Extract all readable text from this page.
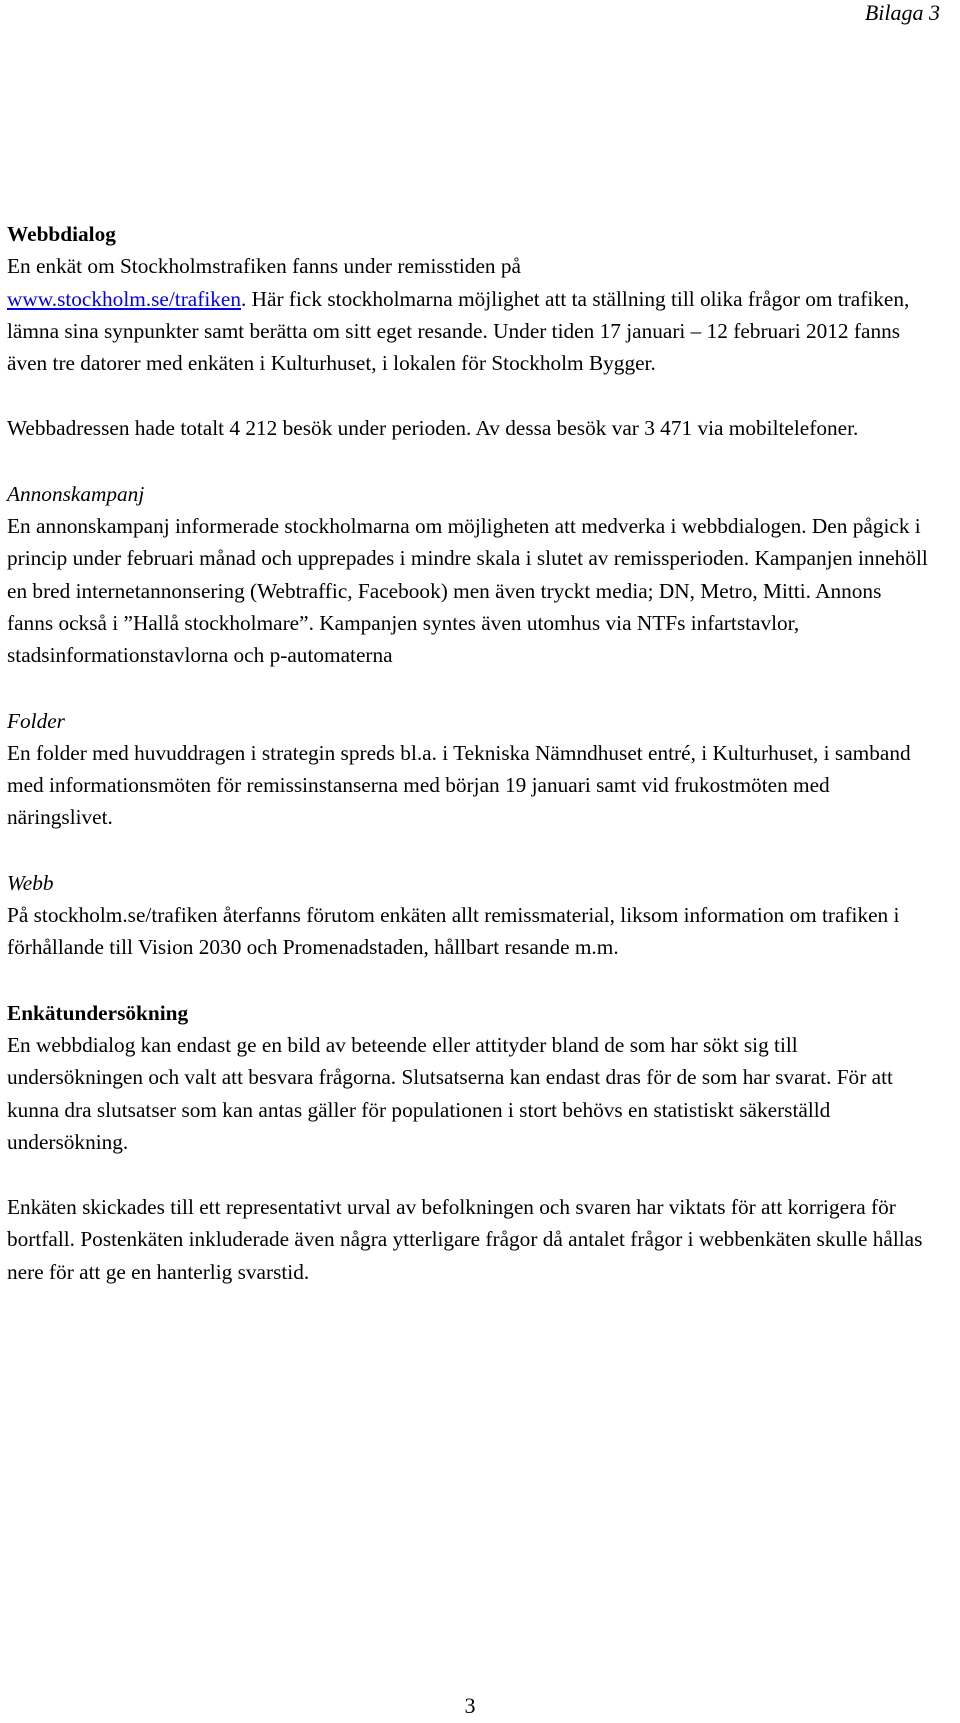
Bilaga 3
Webbdialog

En enkät om Stockholmstrafiken fanns under remisstiden på
www.stockholm.se/trafiken. Här fick stockholmarna möjlighet att ta ställning till olika frågor om trafiken, lämna sina synpunkter samt berätta om sitt eget resande. Under tiden 17 januari – 12 februari 2012 fanns även tre datorer med enkäten i Kulturhuset, i lokalen för Stockholm Bygger.

Webbadressen hade totalt 4 212 besök under perioden. Av dessa besök var 3 471 via mobiltelefoner.

Annonskampanj

En annonskampanj informerade stockholmarna om möjligheten att medverka i webbdialogen. Den pågick i princip under februari månad och upprepades i mindre skala i slutet av remissperioden. Kampanjen innehöll en bred internetannonsering (Webtraffic, Facebook) men även tryckt media; DN, Metro, Mitti. Annons fanns också i ”Hallå stockholmare”. Kampanjen syntes även utomhus via NTFs infartstavlor, stadsinformationstavlorna och p-automaterna

Folder

En folder med huvuddragen i strategin spreds bl.a. i Tekniska Nämndhuset entré, i Kulturhuset, i samband med informationsmöten för remissinstanserna med början 19 januari samt vid frukostmöten med näringslivet.

Webb

På stockholm.se/trafiken återfanns förutom enkäten allt remissmaterial, liksom information om trafiken i förhållande till Vision 2030 och Promenadstaden, hållbart resande m.m.

Enkätundersökning

En webbdialog kan endast ge en bild av beteende eller attityder bland de som har sökt sig till undersökningen och valt att besvara frågorna. Slutsatserna kan endast dras för de som har svarat. För att kunna dra slutsatser som kan antas gäller för populationen i stort behövs en statistiskt säkerställd undersökning.

Enkäten skickades till ett representativt urval av befolkningen och svaren har viktats för att korrigera för bortfall. Postenkäten inkluderade även några ytterligare frågor då antalet frågor i webbenkäten skulle hållas nere för att ge en hanterlig svarstid.

3
